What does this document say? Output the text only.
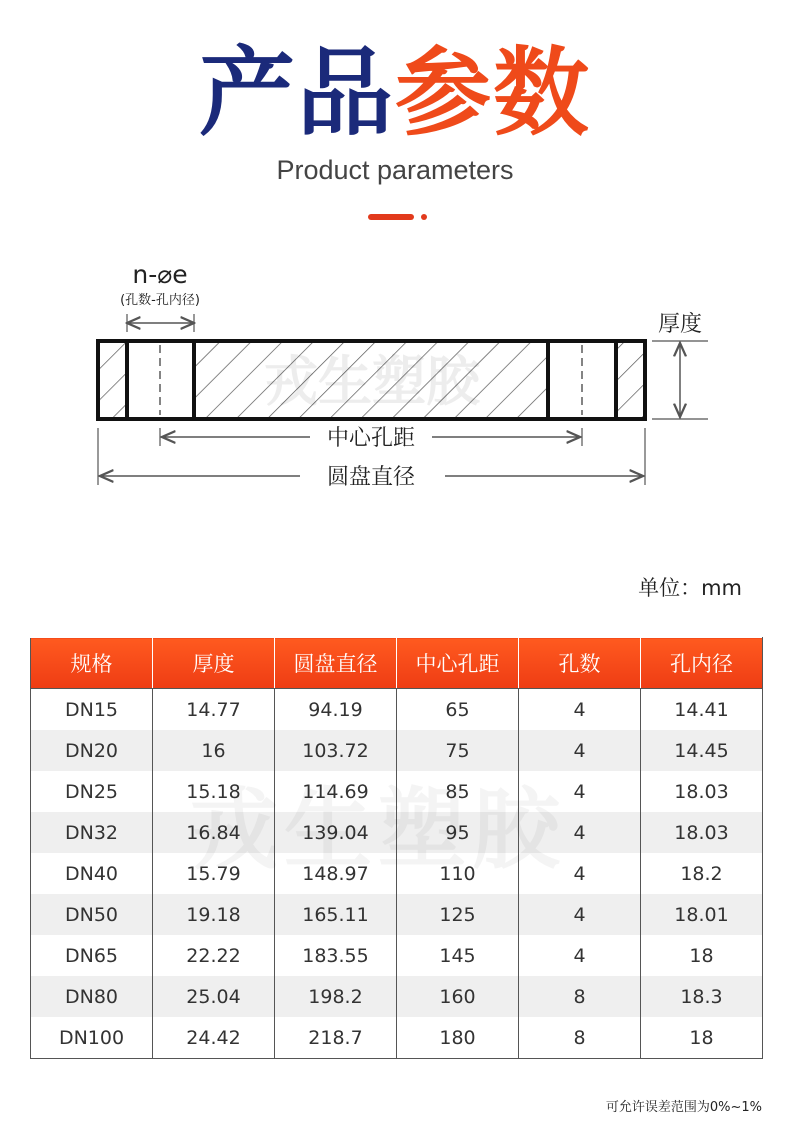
产品参数
Product parameters
n-⌀e
(孔数-孔内径)
戎生塑胶
厚度
中心孔距
圆盘直径
单位：mm
规格	厚度	圆盘直径	中心孔距	孔数	孔内径
DN15	14.77	94.19	65	4	14.41
DN20	16	103.72	75	4	14.45
DN25	15.18	114.69	85	4	18.03
DN32	16.84	139.04	95	4	18.03
DN40	15.79	148.97	110	4	18.2
DN50	19.18	165.11	125	4	18.01
DN65	22.22	183.55	145	4	18
DN80	25.04	198.2	160	8	18.3
DN100	24.42	218.7	180	8	18
可允许误差范围为0%~1%
